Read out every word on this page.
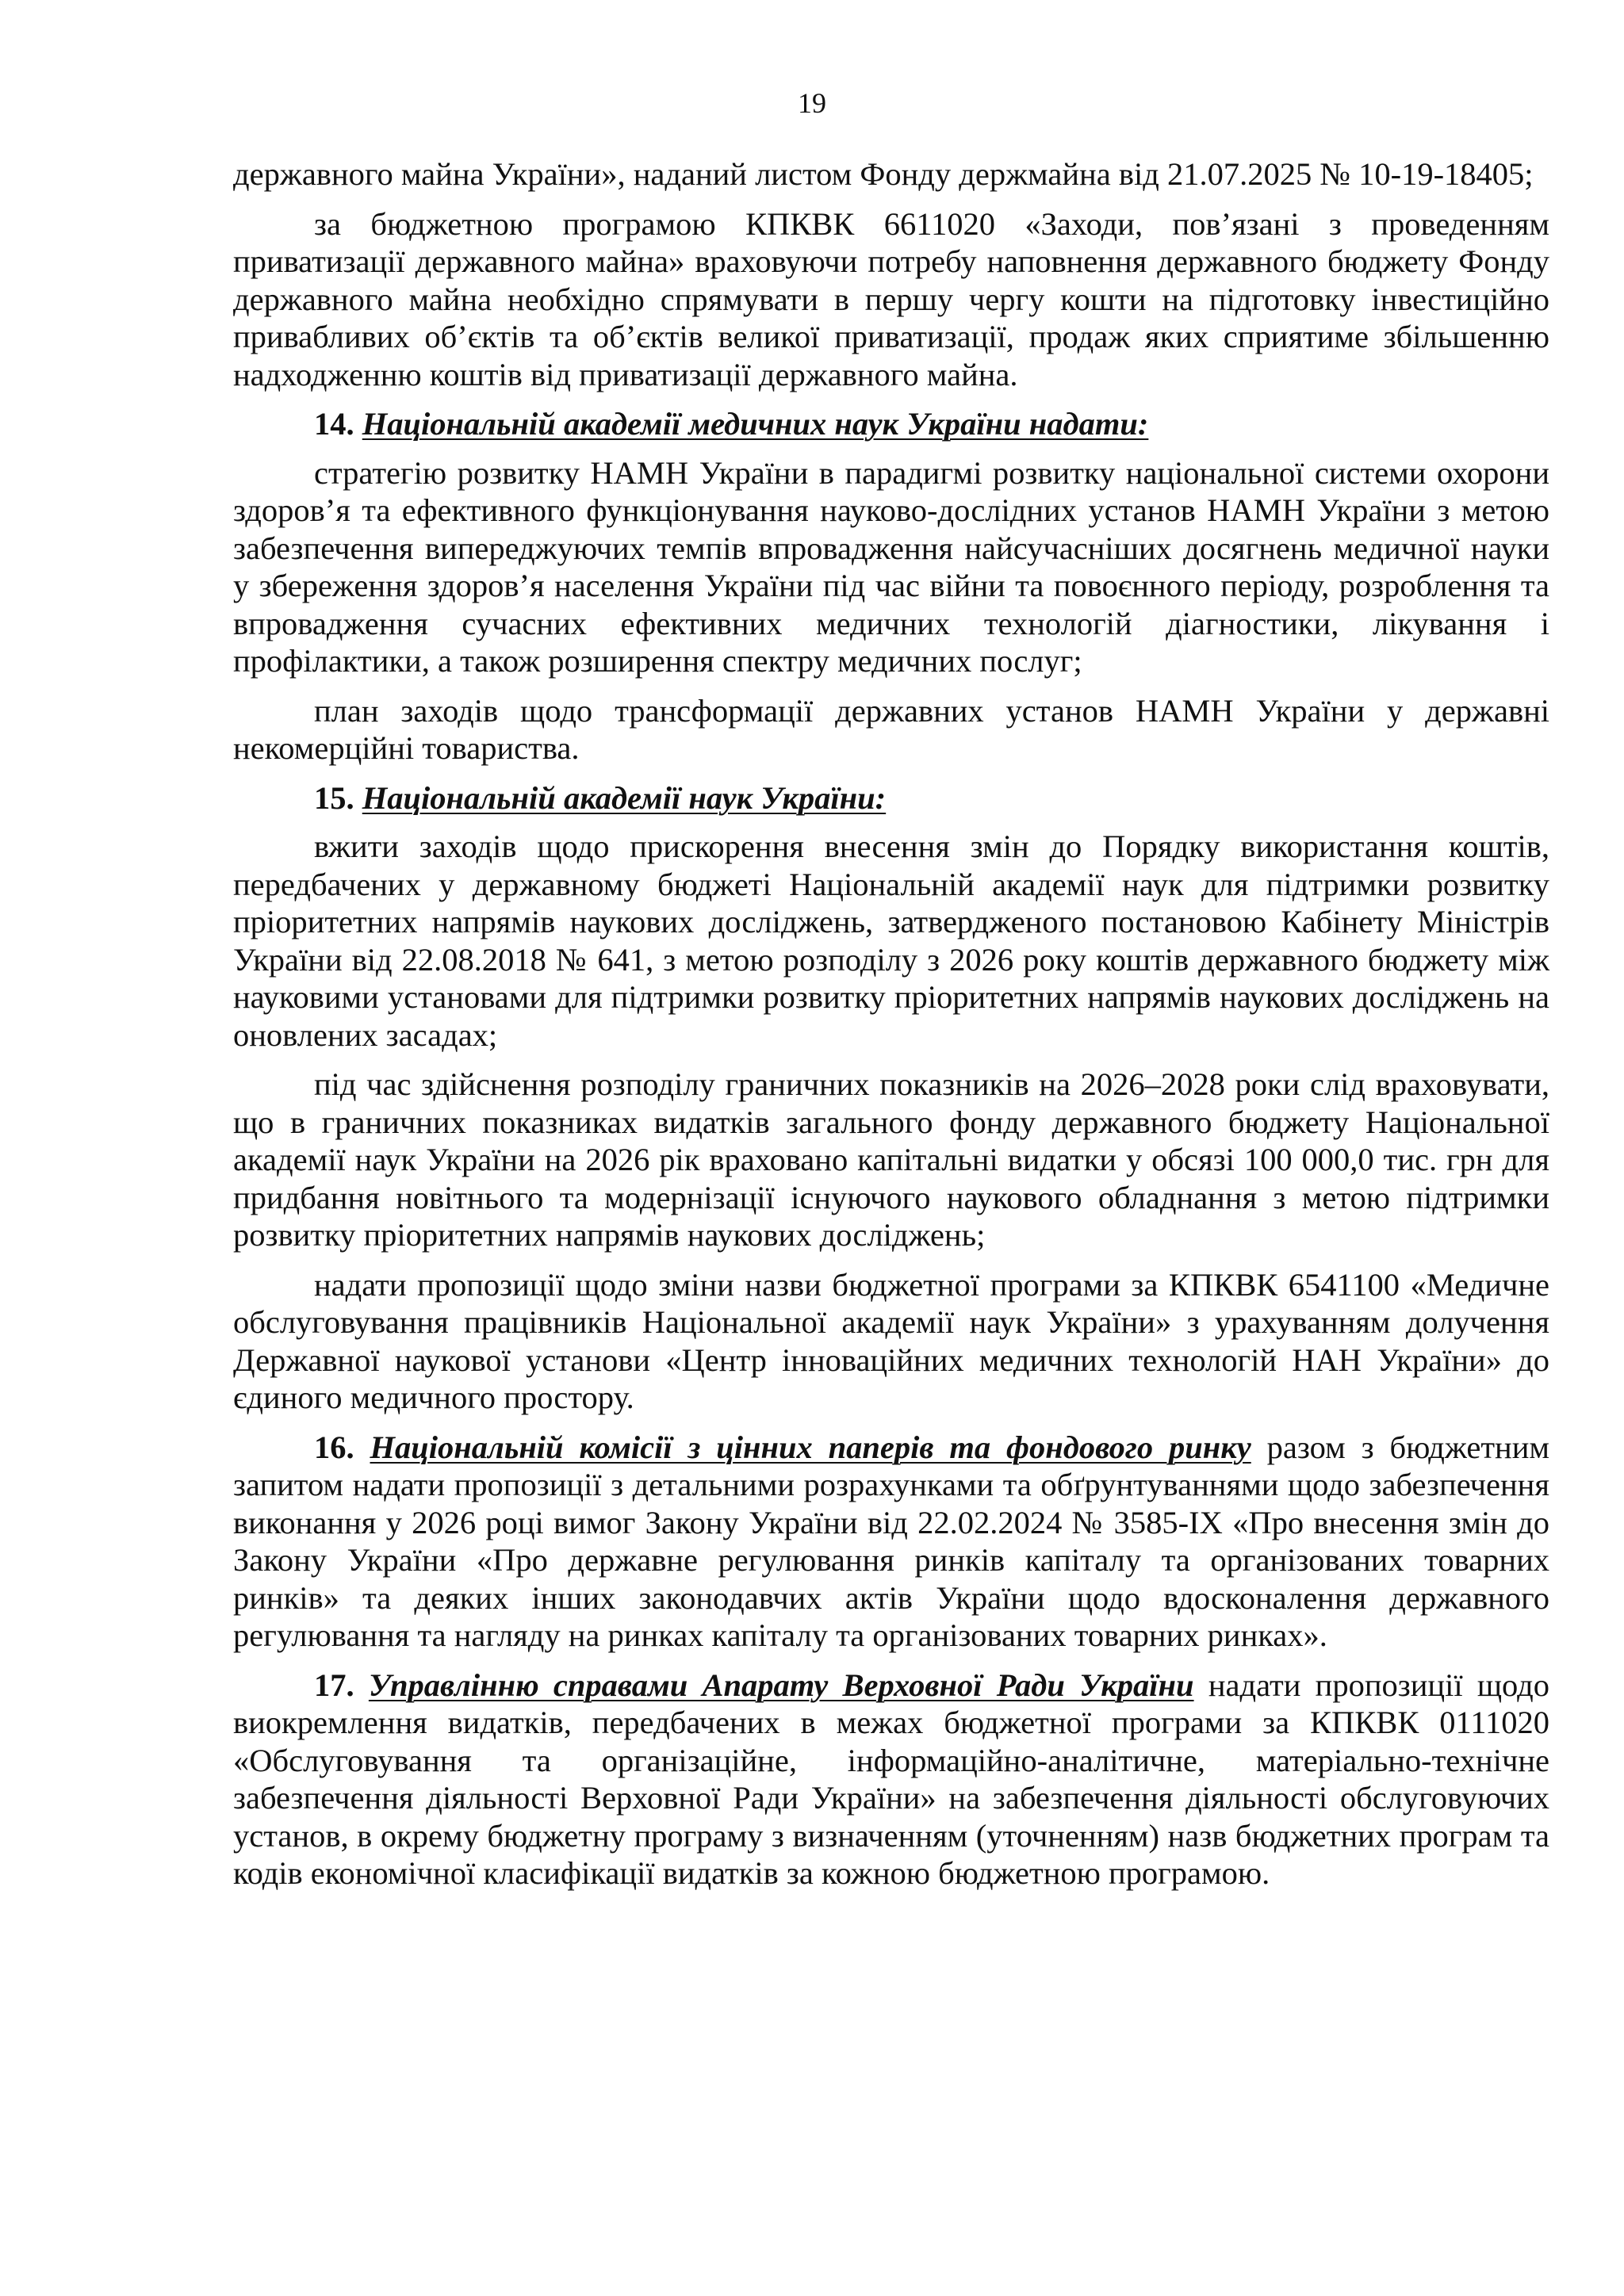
19

державного майна України», наданий листом Фонду держмайна від 21.07.2025 № 10-19-18405;

за бюджетною програмою КПКВК 6611020 «Заходи, пов’язані з проведенням приватизації державного майна» враховуючи потребу наповнення державного бюджету Фонду державного майна необхідно спрямувати в першу чергу кошти на підготовку інвестиційно привабливих об’єктів та об’єктів великої приватизації, продаж яких сприятиме збільшенню надходженню коштів від приватизації державного майна.

14. Національній академії медичних наук України надати:

стратегію розвитку НАМН України в парадигмі розвитку національної системи охорони здоров’я та ефективного функціонування науково-дослідних установ НАМН України з метою забезпечення випереджуючих темпів впровадження найсучасніших досягнень медичної науки у збереження здоров’я населення України під час війни та повоєнного періоду, розроблення та впровадження сучасних ефективних медичних технологій діагностики, лікування і профілактики, а також розширення спектру медичних послуг;

план заходів щодо трансформації державних установ НАМН України у державні некомерційні товариства.

15. Національній академії наук України:

вжити заходів щодо прискорення внесення змін до Порядку використання коштів, передбачених у державному бюджеті Національній академії наук для підтримки розвитку пріоритетних напрямів наукових досліджень, затвердженого постановою Кабінету Міністрів України від 22.08.2018 № 641, з метою розподілу з 2026 року коштів державного бюджету між науковими установами для підтримки розвитку пріоритетних напрямів наукових досліджень на оновлених засадах;

під час здійснення розподілу граничних показників на 2026–2028 роки слід враховувати, що в граничних показниках видатків загального фонду державного бюджету Національної академії наук України на 2026 рік враховано капітальні видатки у обсязі 100 000,0 тис. грн для придбання новітнього та модернізації існуючого наукового обладнання з метою підтримки розвитку пріоритетних напрямів наукових досліджень;

надати пропозиції щодо зміни назви бюджетної програми за КПКВК 6541100 «Медичне обслуговування працівників Національної академії наук України» з урахуванням долучення Державної наукової установи «Центр інноваційних медичних технологій НАН України» до єдиного медичного простору.

16. Національній комісії з цінних паперів та фондового ринку разом з бюджетним запитом надати пропозиції з детальними розрахунками та обґрунтуваннями щодо забезпечення виконання у 2026 році вимог Закону України від 22.02.2024 № 3585-IX «Про внесення змін до Закону України «Про державне регулювання ринків капіталу та організованих товарних ринків» та деяких інших законодавчих актів України щодо вдосконалення державного регулювання та нагляду на ринках капіталу та організованих товарних ринках».

17. Управлінню справами Апарату Верховної Ради України надати пропозиції щодо виокремлення видатків, передбачених в межах бюджетної програми за КПКВК 0111020 «Обслуговування та організаційне, інформаційно-аналітичне, матеріально-технічне забезпечення діяльності Верховної Ради України» на забезпечення діяльності обслуговуючих установ, в окрему бюджетну програму з визначенням (уточненням) назв бюджетних програм та кодів економічної класифікації видатків за кожною бюджетною програмою.
